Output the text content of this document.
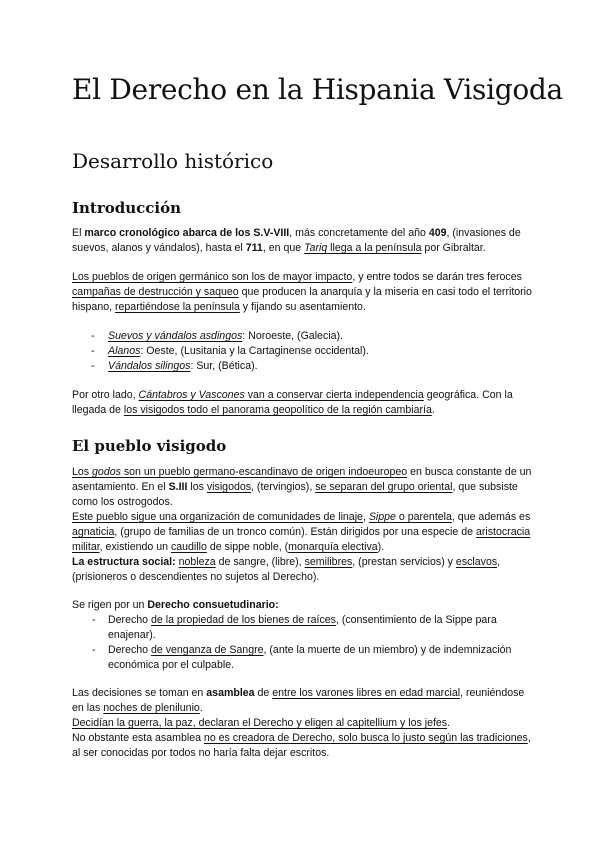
El Derecho en la Hispania Visigoda
Desarrollo histórico
Introducción

El marco cronológico abarca de los S.V-VIII, más concretamente del año 409, (invasiones de suevos, alanos y vándalos), hasta el 711, en que Tariq llega a la península por Gibraltar.

Los pueblos de origen germánico son los de mayor impacto, y entre todos se darán tres feroces campañas de destrucción y saqueo que producen la anarquía y la miseria en casi todo el territorio hispano, repartiéndose la península y fijando su asentamiento.

- Suevos y vándalos asdingos: Noroeste, (Galecia).
- Alanos: Oeste, (Lusitania y la Cartaginense occidental).
- Vándalos silingos: Sur, (Bética).

Por otro lado, Cántabros y Vascones van a conservar cierta independencia geográfica. Con la llegada de los visigodos todo el panorama geopolítico de la región cambiaría.

El pueblo visigodo

Los godos son un pueblo germano-escandinavo de origen indoeuropeo en busca constante de un asentamiento. En el S.III los visigodos, (tervingios), se separan del grupo oriental, que subsiste como los ostrogodos.

Este pueblo sigue una organización de comunidades de linaje, Sippe o parentela, que además es agnaticia, (grupo de familias de un tronco común). Están dirigidos por una especie de aristocracia militar, existiendo un caudillo de sippe noble, (monarquía electiva).

La estructura social: nobleza de sangre, (libre), semilibres, (prestan servicios) y esclavos, (prisioneros o descendientes no sujetos al Derecho).

Se rigen por un Derecho consuetudinario:

- Derecho de la propiedad de los bienes de raíces, (consentimiento de la Sippe para enajenar).
- Derecho de venganza de Sangre, (ante la muerte de un miembro) y de indemnización económica por el culpable.

Las decisiones se toman en asamblea de entre los varones libres en edad marcial, reuniéndose en las noches de plenilunio.

Decidían la guerra, la paz, declaran el Derecho y eligen al capitellium y los jefes.

No obstante esta asamblea no es creadora de Derecho, solo busca lo justo según las tradiciones, al ser conocidas por todos no haría falta dejar escritos.
